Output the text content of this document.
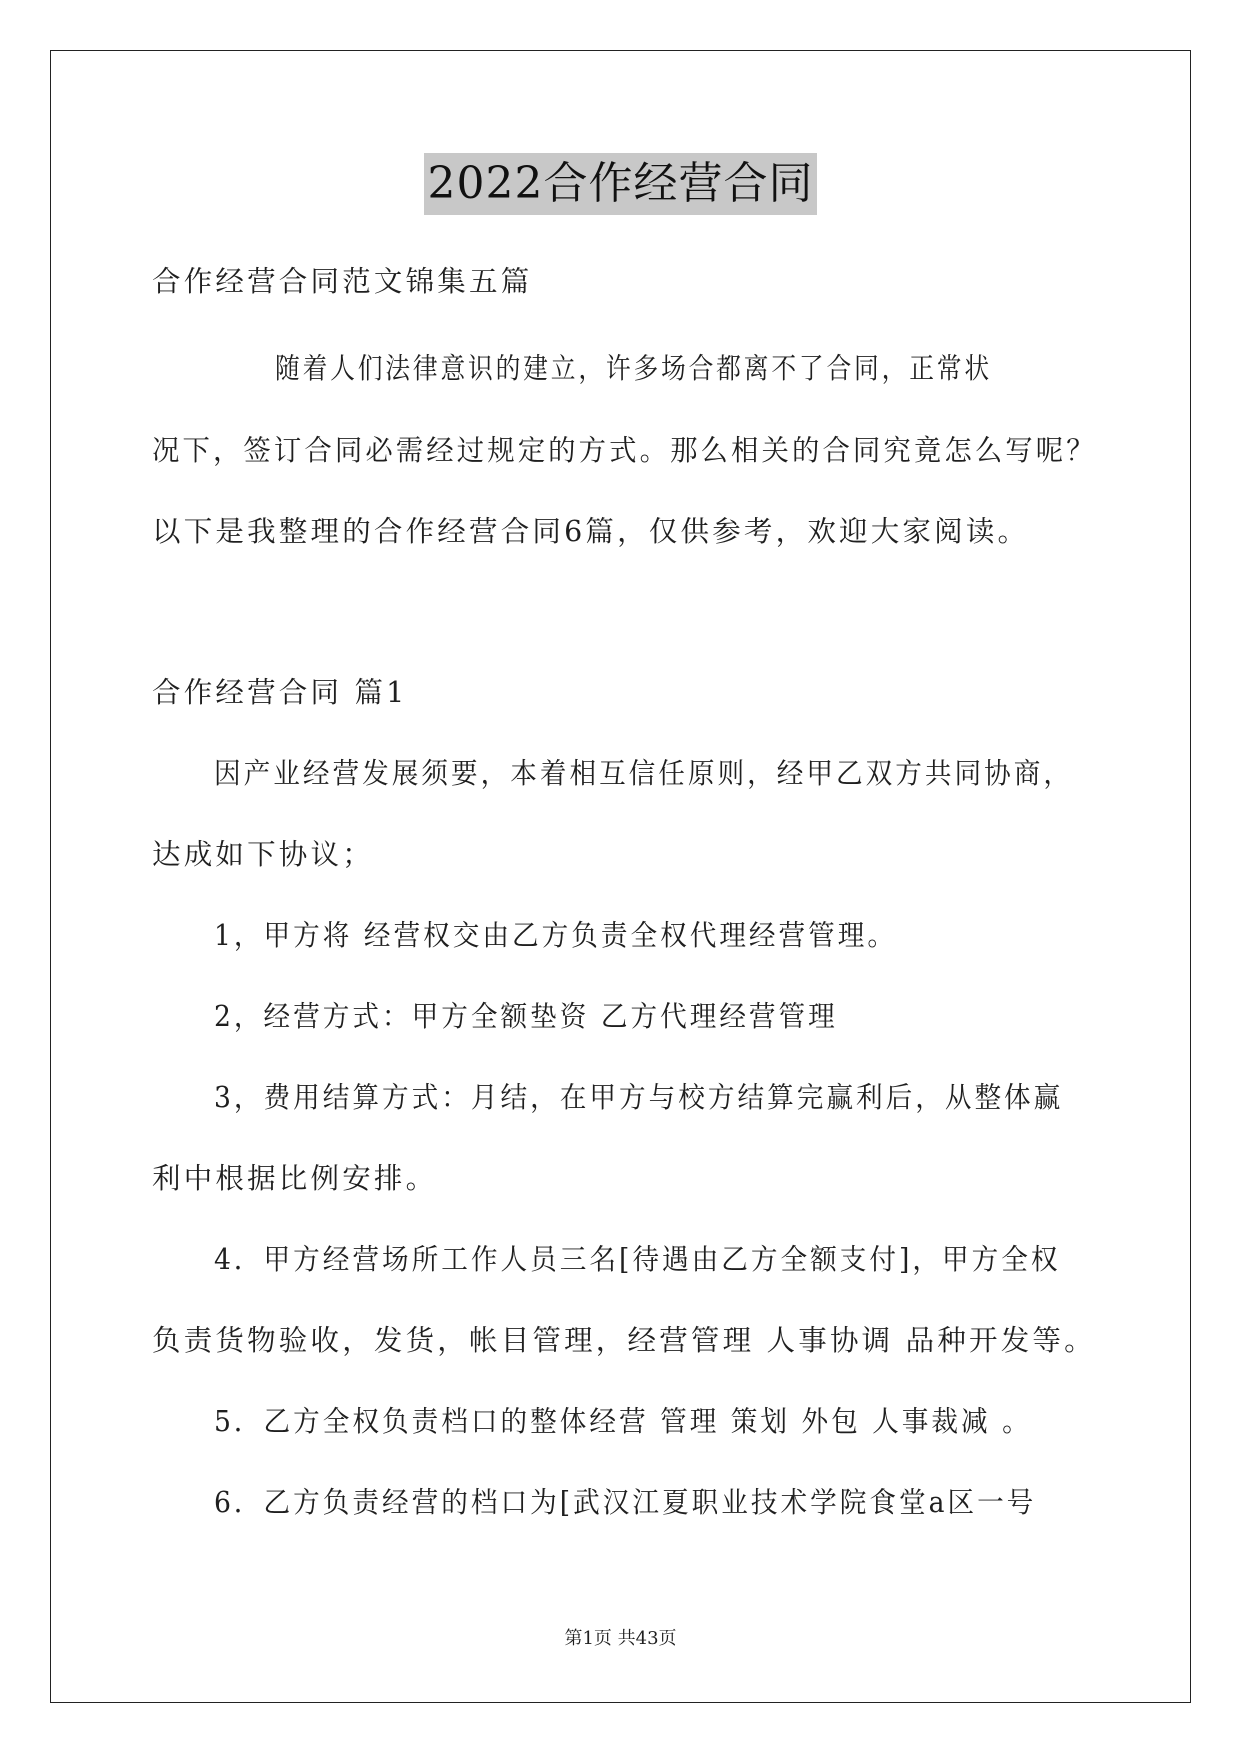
2022合作经营合同
合作经营合同范文锦集五篇
随着人们法律意识的建立，许多场合都离不了合同，正常状
况下，签订合同必需经过规定的方式。那么相关的合同究竟怎么写呢？
以下是我整理的合作经营合同6篇，仅供参考，欢迎大家阅读。
合作经营合同 篇1
因产业经营发展须要，本着相互信任原则，经甲乙双方共同协商，
达成如下协议；
1，甲方将 经营权交由乙方负责全权代理经营管理。
2，经营方式：甲方全额垫资 乙方代理经营管理
3，费用结算方式：月结，在甲方与校方结算完赢利后，从整体赢
利中根据比例安排。
4．甲方经营场所工作人员三名[待遇由乙方全额支付]，甲方全权
负责货物验收，发货，帐目管理，经营管理 人事协调 品种开发等。
5．乙方全权负责档口的整体经营 管理 策划 外包 人事裁减 。
6．乙方负责经营的档口为[武汉江夏职业技术学院食堂a区一号
第1页 共43页
